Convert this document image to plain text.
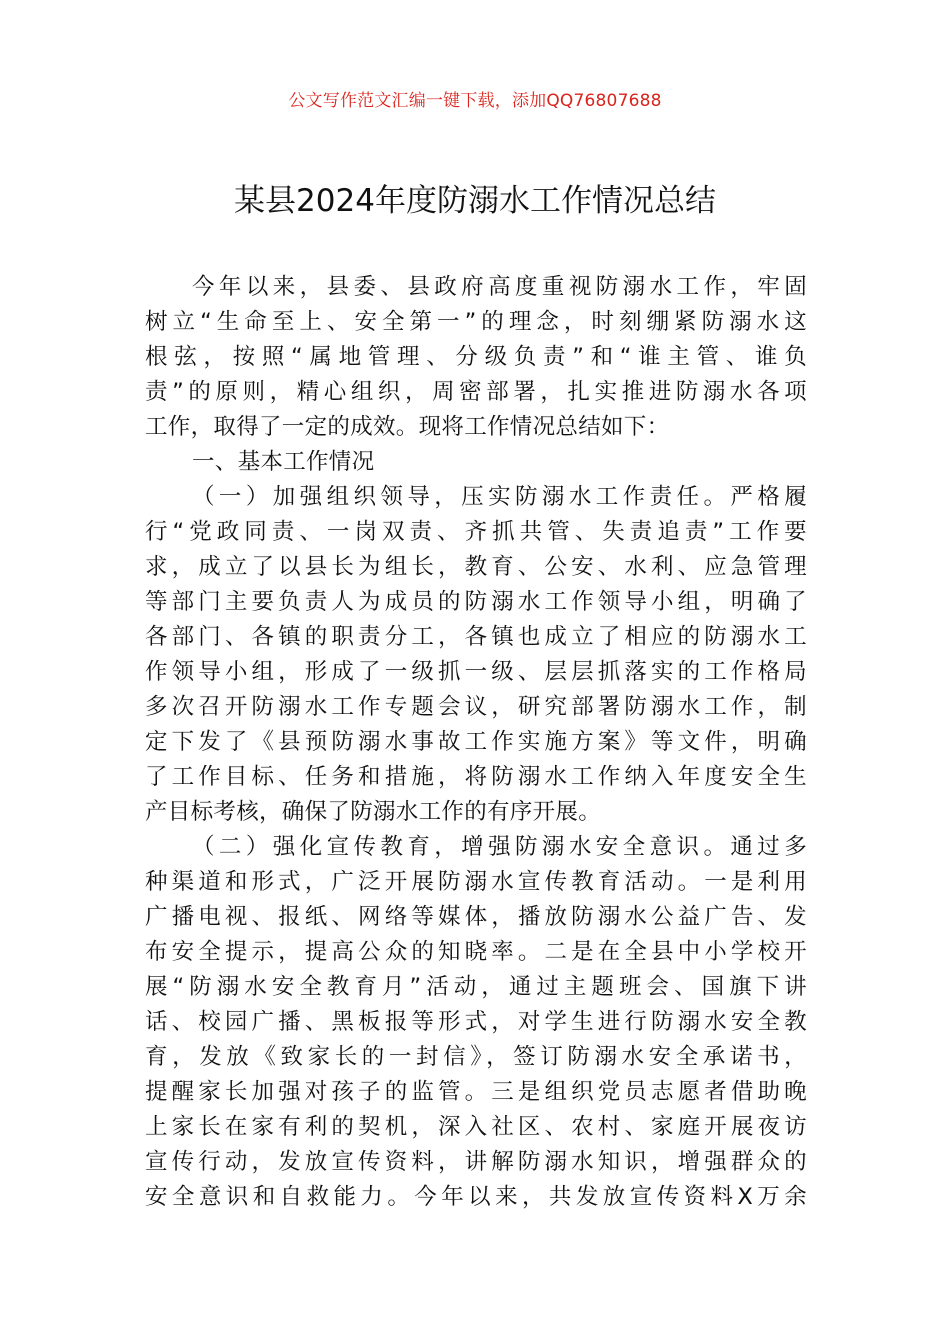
公文写作范文汇编一键下载，添加QQ76807688
某县2024年度防溺水工作情况总结
今年以来，县委、县政府高度重视防溺水工作，牢固
树立“生命至上、安全第一”的理念，时刻绷紧防溺水这
根弦，按照“属地管理、分级负责”和“谁主管、谁负
责”的原则，精心组织，周密部署，扎实推进防溺水各项
工作，取得了一定的成效。现将工作情况总结如下：
一、基本工作情况
（一）加强组织领导，压实防溺水工作责任。严格履
行“党政同责、一岗双责、齐抓共管、失责追责”工作要
求，成立了以县长为组长，教育、公安、水利、应急管理
等部门主要负责人为成员的防溺水工作领导小组，明确了
各部门、各镇的职责分工，各镇也成立了相应的防溺水工
作领导小组，形成了一级抓一级、层层抓落实的工作格局
多次召开防溺水工作专题会议，研究部署防溺水工作，制
定下发了《县预防溺水事故工作实施方案》等文件，明确
了工作目标、任务和措施，将防溺水工作纳入年度安全生
产目标考核，确保了防溺水工作的有序开展。
（二）强化宣传教育，增强防溺水安全意识。通过多
种渠道和形式，广泛开展防溺水宣传教育活动。一是利用
广播电视、报纸、网络等媒体，播放防溺水公益广告、发
布安全提示，提高公众的知晓率。二是在全县中小学校开
展“防溺水安全教育月”活动，通过主题班会、国旗下讲
话、校园广播、黑板报等形式，对学生进行防溺水安全教
育，发放《致家长的一封信》，签订防溺水安全承诺书，
提醒家长加强对孩子的监管。三是组织党员志愿者借助晚
上家长在家有利的契机，深入社区、农村、家庭开展夜访
宣传行动，发放宣传资料，讲解防溺水知识，增强群众的
安全意识和自救能力。今年以来，共发放宣传资料X万余
